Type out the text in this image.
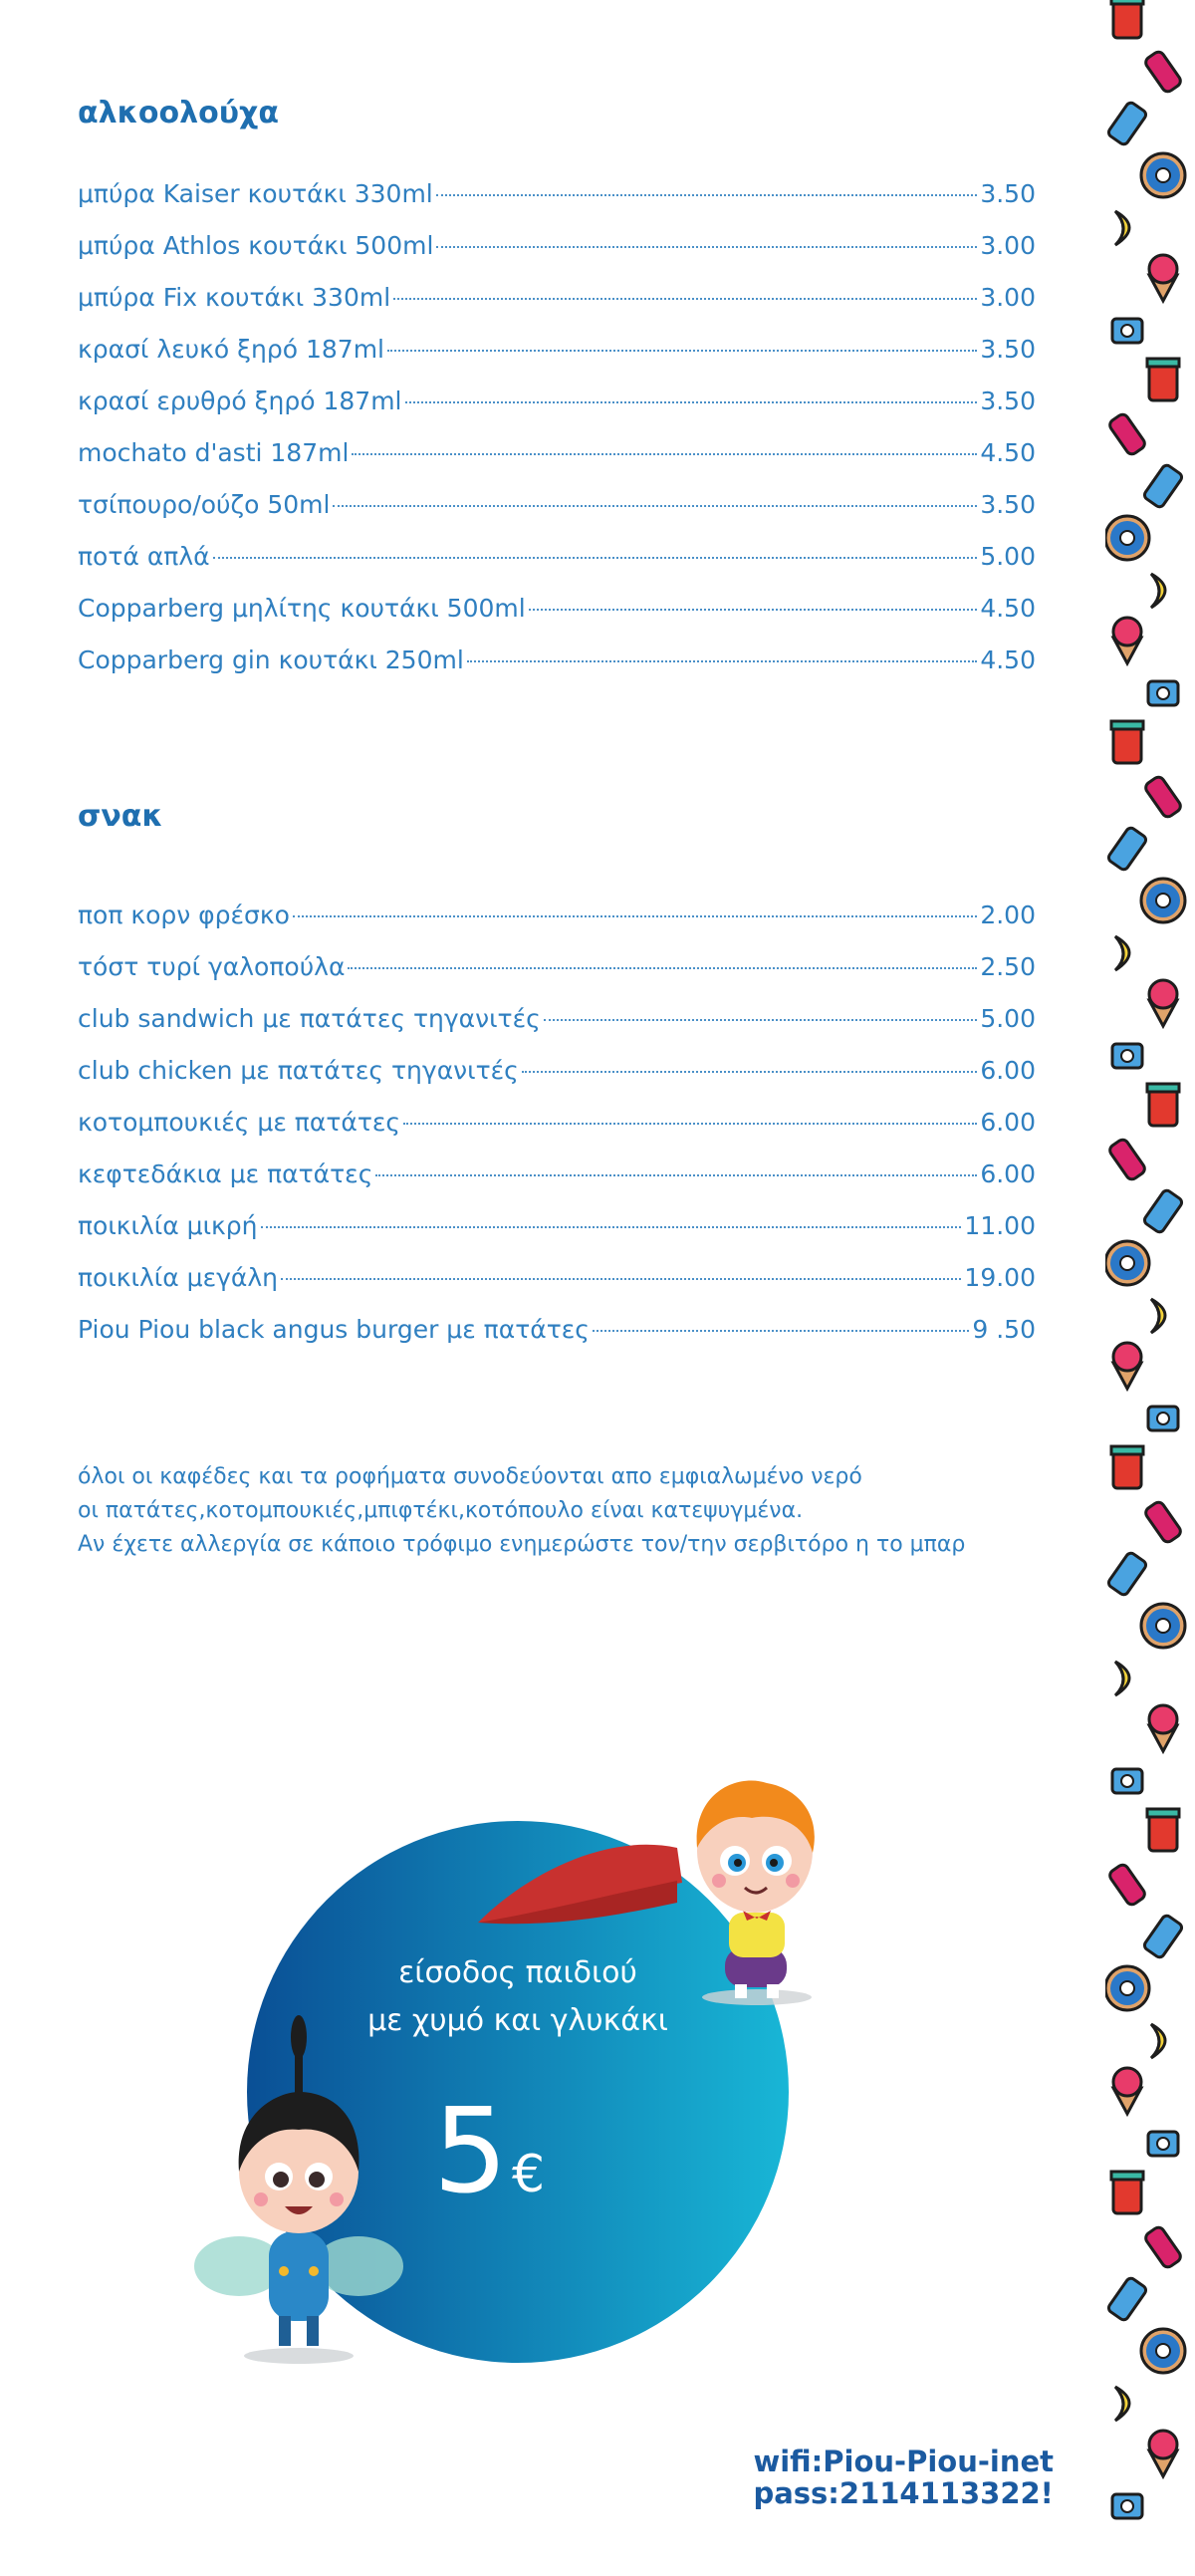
αλκοολούχα
μπύρα Kaiser κουτάκι 330ml	3.50
μπύρα Athlos κουτάκι 500ml	3.00
μπύρα Fix κουτάκι 330ml	3.00
κρασί λευκό ξηρό 187ml	3.50
κρασί ερυθρό ξηρό 187ml	3.50
mochato d'asti 187ml	4.50
τσίπουρο/ούζο 50ml	3.50
ποτά απλά	5.00
Copparberg μηλίτης κουτάκι 500ml	4.50
Copparberg gin κουτάκι 250ml	4.50
σνακ
ποπ κορν φρέσκο	2.00
τόστ τυρί γαλοπούλα	2.50
club sandwich με πατάτες τηγανιτές	5.00
club chicken με πατάτες τηγανιτές	6.00
κοτομπουκιές με πατάτες	6.00
κεφτεδάκια με πατάτες	6.00
ποικιλία μικρή	11.00
ποικιλία μεγάλη	19.00
Piou Piou black angus burger με πατάτες	9 .50
όλοι οι καφέδες και τα ροφήματα συνοδεύονται απο εμφιαλωμένο νερό
οι πατάτες,κοτομπουκιές,μπιφτέκι,κοτόπουλο είναι κατεψυγμένα.
Αν έχετε αλλεργία σε κάποιο τρόφιμο ενημερώστε τον/την σερβιτόρο η το μπαρ
είσοδος παιδιού
με χυμό και γλυκάκι
5 €
wifi:Piou-Piou-inet
pass:2114113322!
